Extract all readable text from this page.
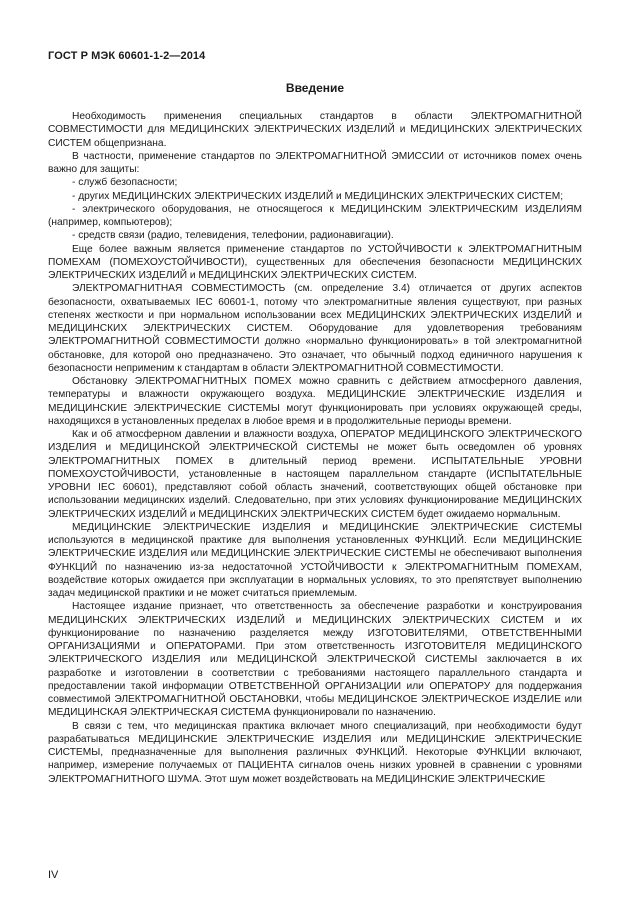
ГОСТ Р МЭК 60601-1-2—2014
Введение

Необходимость применения специальных стандартов в области ЭЛЕКТРОМАГНИТНОЙ СОВМЕСТИМОСТИ для МЕДИЦИНСКИХ ЭЛЕКТРИЧЕСКИХ ИЗДЕЛИЙ и МЕДИЦИНСКИХ ЭЛЕКТРИЧЕСКИХ СИСТЕМ общепризнана.

В частности, применение стандартов по ЭЛЕКТРОМАГНИТНОЙ ЭМИССИИ от источников помех очень важно для защиты:

- служб безопасности;

- других МЕДИЦИНСКИХ ЭЛЕКТРИЧЕСКИХ ИЗДЕЛИЙ и МЕДИЦИНСКИХ ЭЛЕКТРИЧЕСКИХ СИСТЕМ;

- электрического оборудования, не относящегося к МЕДИЦИНСКИМ ЭЛЕКТРИЧЕСКИМ ИЗДЕЛИЯМ (например, компьютеров);

- средств связи (радио, телевидения, телефонии, радионавигации).

Еще более важным является применение стандартов по УСТОЙЧИВОСТИ к ЭЛЕКТРОМАГНИТНЫМ ПОМЕХАМ (ПОМЕХОУСТОЙЧИВОСТИ), существенных для обеспечения безопасности МЕДИЦИНСКИХ ЭЛЕКТРИЧЕСКИХ ИЗДЕЛИЙ и МЕДИЦИНСКИХ ЭЛЕКТРИЧЕСКИХ СИСТЕМ.

ЭЛЕКТРОМАГНИТНАЯ СОВМЕСТИМОСТЬ (см. определение 3.4) отличается от других аспектов безопасности, охватываемых IEC 60601-1, потому что электромагнитные явления существуют, при разных степенях жесткости и при нормальном использовании всех МЕДИЦИНСКИХ ЭЛЕКТРИЧЕСКИХ ИЗДЕЛИЙ и МЕДИЦИНСКИХ ЭЛЕКТРИЧЕСКИХ СИСТЕМ. Оборудование для удовлетворения требованиям ЭЛЕКТРОМАГНИТНОЙ СОВМЕСТИМОСТИ должно «нормально функционировать» в той электромагнитной обстановке, для которой оно предназначено. Это означает, что обычный подход единичного нарушения к безопасности неприменим к стандартам в области ЭЛЕКТРОМАГНИТНОЙ СОВМЕСТИМОСТИ.

Обстановку ЭЛЕКТРОМАГНИТНЫХ ПОМЕХ можно сравнить с действием атмосферного давления, температуры и влажности окружающего воздуха. МЕДИЦИНСКИЕ ЭЛЕКТРИЧЕСКИЕ ИЗДЕЛИЯ и МЕДИЦИНСКИЕ ЭЛЕКТРИЧЕСКИЕ СИСТЕМЫ могут функционировать при условиях окружающей среды, находящихся в установленных пределах в любое время и в продолжительные периоды времени.

Как и об атмосферном давлении и влажности воздуха, ОПЕРАТОР МЕДИЦИНСКОГО ЭЛЕКТРИЧЕСКОГО ИЗДЕЛИЯ и МЕДИЦИНСКОЙ ЭЛЕКТРИЧЕСКОЙ СИСТЕМЫ не может быть осведомлен об уровнях ЭЛЕКТРОМАГНИТНЫХ ПОМЕХ в длительный период времени. ИСПЫТАТЕЛЬНЫЕ УРОВНИ ПОМЕХОУСТОЙЧИВОСТИ, установленные в настоящем параллельном стандарте (ИСПЫТАТЕЛЬНЫЕ УРОВНИ IEC 60601), представляют собой область значений, соответствующих общей обстановке при использовании медицинских изделий. Следовательно, при этих условиях функционирование МЕДИЦИНСКИХ ЭЛЕКТРИЧЕСКИХ ИЗДЕЛИЙ и МЕДИЦИНСКИХ ЭЛЕКТРИЧЕСКИХ СИСТЕМ будет ожидаемо нормальным.

МЕДИЦИНСКИЕ ЭЛЕКТРИЧЕСКИЕ ИЗДЕЛИЯ и МЕДИЦИНСКИЕ ЭЛЕКТРИЧЕСКИЕ СИСТЕМЫ используются в медицинской практике для выполнения установленных ФУНКЦИЙ. Если МЕДИЦИНСКИЕ ЭЛЕКТРИЧЕСКИЕ ИЗДЕЛИЯ или МЕДИЦИНСКИЕ ЭЛЕКТРИЧЕСКИЕ СИСТЕМЫ не обеспечивают выполнения ФУНКЦИЙ по назначению из-за недостаточной УСТОЙЧИВОСТИ к ЭЛЕКТРОМАГНИТНЫМ ПОМЕХАМ, воздействие которых ожидается при эксплуатации в нормальных условиях, то это препятствует выполнению задач медицинской практики и не может считаться приемлемым.

Настоящее издание признает, что ответственность за обеспечение разработки и конструирования МЕДИЦИНСКИХ ЭЛЕКТРИЧЕСКИХ ИЗДЕЛИЙ и МЕДИЦИНСКИХ ЭЛЕКТРИЧЕСКИХ СИСТЕМ и их функционирование по назначению разделяется между ИЗГОТОВИТЕЛЯМИ, ОТВЕТСТВЕННЫМИ ОРГАНИЗАЦИЯМИ и ОПЕРАТОРАМИ. При этом ответственность ИЗГОТОВИТЕЛЯ МЕДИЦИНСКОГО ЭЛЕКТРИЧЕСКОГО ИЗДЕЛИЯ или МЕДИЦИНСКОЙ ЭЛЕКТРИЧЕСКОЙ СИСТЕМЫ заключается в их разработке и изготовлении в соответствии с требованиями настоящего параллельного стандарта и предоставлении такой информации ОТВЕТСТВЕННОЙ ОРГАНИЗАЦИИ или ОПЕРАТОРУ для поддержания совместимой ЭЛЕКТРОМАГНИТНОЙ ОБСТАНОВКИ, чтобы МЕДИЦИНСКОЕ ЭЛЕКТРИЧЕСКОЕ ИЗДЕЛИЕ или МЕДИЦИНСКАЯ ЭЛЕКТРИЧЕСКАЯ СИСТЕМА функционировали по назначению.

В связи с тем, что медицинская практика включает много специализаций, при необходимости будут разрабатываться МЕДИЦИНСКИЕ ЭЛЕКТРИЧЕСКИЕ ИЗДЕЛИЯ или МЕДИЦИНСКИЕ ЭЛЕКТРИЧЕСКИЕ СИСТЕМЫ, предназначенные для выполнения различных ФУНКЦИЙ. Некоторые ФУНКЦИИ включают, например, измерение получаемых от ПАЦИЕНТА сигналов очень низких уровней в сравнении с уровнями ЭЛЕКТРОМАГНИТНОГО ШУМА. Этот шум может воздействовать на МЕДИЦИНСКИЕ ЭЛЕКТРИЧЕСКИЕ

IV
